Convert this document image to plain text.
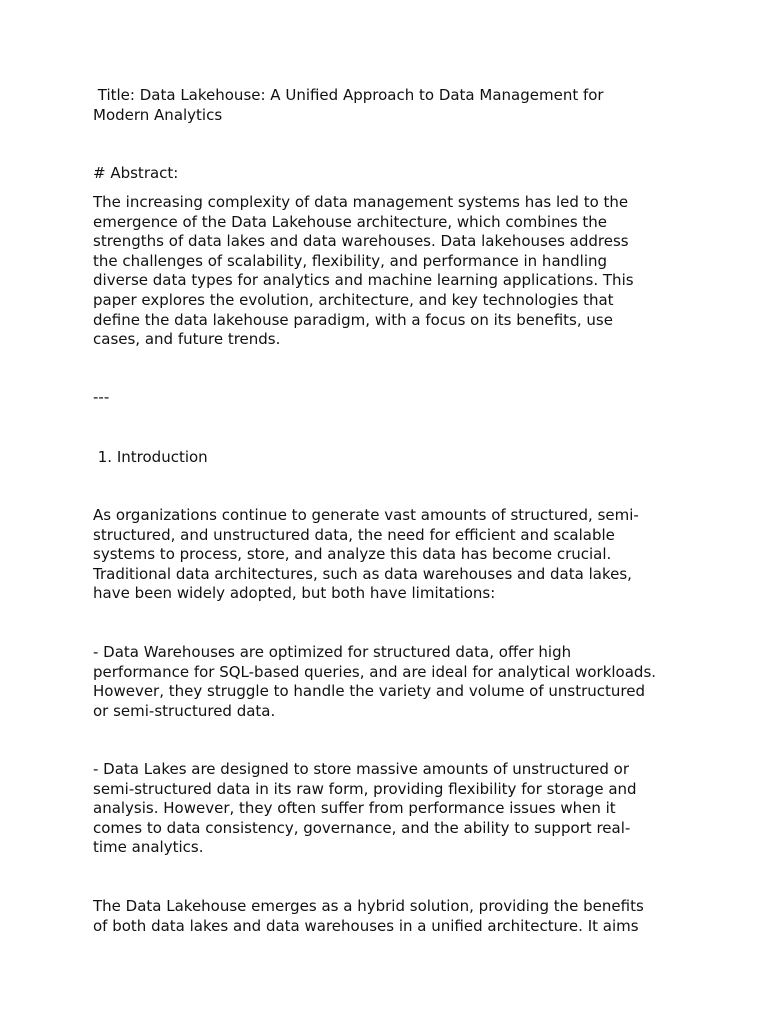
Title: Data Lakehouse: A Unified Approach to Data Management for
Modern Analytics
# Abstract:
The increasing complexity of data management systems has led to the
emergence of the Data Lakehouse architecture, which combines the
strengths of data lakes and data warehouses. Data lakehouses address
the challenges of scalability, flexibility, and performance in handling
diverse data types for analytics and machine learning applications. This
paper explores the evolution, architecture, and key technologies that
define the data lakehouse paradigm, with a focus on its benefits, use
cases, and future trends.
---
1. Introduction
As organizations continue to generate vast amounts of structured, semi-
structured, and unstructured data, the need for efficient and scalable
systems to process, store, and analyze this data has become crucial.
Traditional data architectures, such as data warehouses and data lakes,
have been widely adopted, but both have limitations:
- Data Warehouses are optimized for structured data, offer high
performance for SQL-based queries, and are ideal for analytical workloads.
However, they struggle to handle the variety and volume of unstructured
or semi-structured data.
- Data Lakes are designed to store massive amounts of unstructured or
semi-structured data in its raw form, providing flexibility for storage and
analysis. However, they often suffer from performance issues when it
comes to data consistency, governance, and the ability to support real-
time analytics.
The Data Lakehouse emerges as a hybrid solution, providing the benefits
of both data lakes and data warehouses in a unified architecture. It aims
